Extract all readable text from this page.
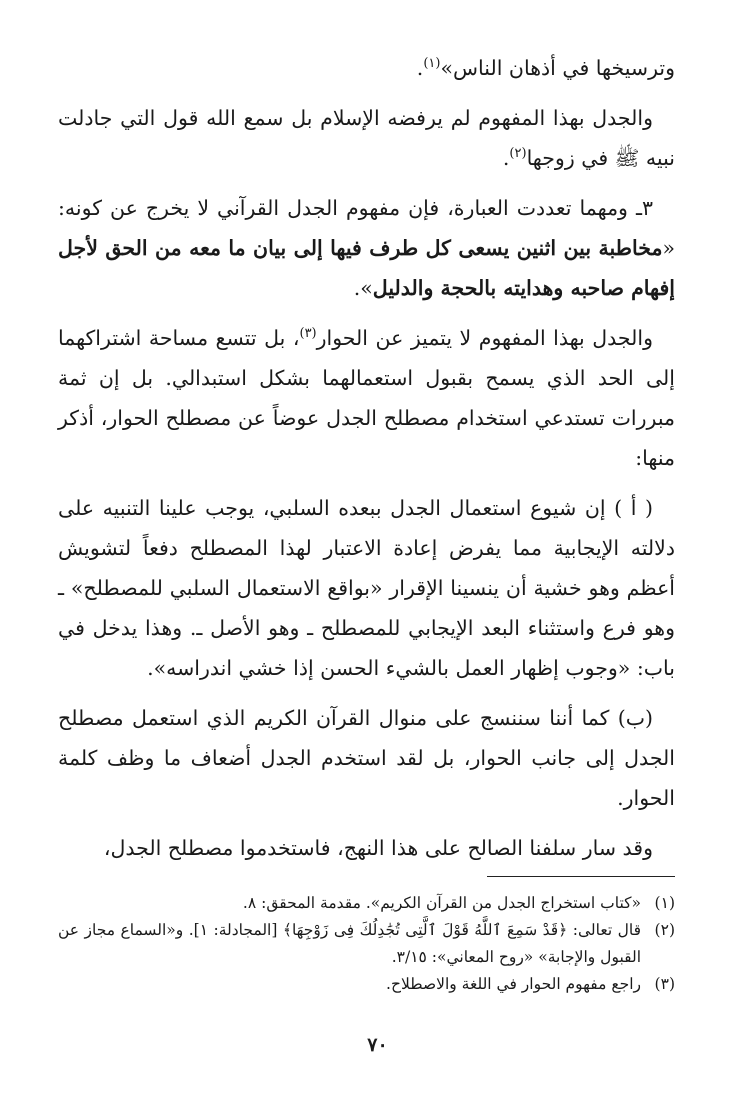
وترسيخها في أذهان الناس»$^{(١)}$.

والجدل بهذا المفهوم لم يرفضه الإسلام بل سمع الله قول التي جادلت نبيه ﷺ في زوجها$^{(٢)}$.

٣ـ ومهما تعددت العبارة، فإن مفهوم الجدل القرآني لا يخرج عن كونه: «مخاطبة بين اثنين يسعى كل طرف فيها إلى بيان ما معه من الحق لأجل إفهام صاحبه وهدايته بالحجة والدليل».

والجدل بهذا المفهوم لا يتميز عن الحوار$^{(٣)}$، بل تتسع مساحة اشتراكهما إلى الحد الذي يسمح بقبول استعمالهما بشكل استبدالي. بل إن ثمة مبررات تستدعي استخدام مصطلح الجدل عوضاً عن مصطلح الحوار، أذكر منها:

( أ ) إن شيوع استعمال الجدل ببعده السلبي، يوجب علينا التنبيه على دلالته الإيجابية مما يفرض إعادة الاعتبار لهذا المصطلح دفعاً لتشويش أعظم وهو خشية أن ينسينا الإقرار «بواقع الاستعمال السلبي للمصطلح» ـ وهو فرع واستثناء البعد الإيجابي للمصطلح ـ وهو الأصل ـ. وهذا يدخل في باب: «وجوب إظهار العمل بالشيء الحسن إذا خشي اندراسه».

(ب) كما أننا سننسج على منوال القرآن الكريم الذي استعمل مصطلح الجدل إلى جانب الحوار، بل لقد استخدم الجدل أضعاف ما وظف كلمة الحوار.

وقد سار سلفنا الصالح على هذا النهج، فاستخدموا مصطلح الجدل،

(١)
«كتاب استخراج الجدل من القرآن الكريم». مقدمة المحقق: ٨.
(٢)
قال تعالى: ﴿قَدْ سَمِعَ ٱللَّهُ قَوْلَ ٱلَّتِى تُجَٰدِلُكَ فِى زَوْجِهَا﴾ [المجادلة: ١]. و«السماع مجاز عن القبول والإجابة» «روح المعاني»: ٣/١٥.
(٣)
راجع مفهوم الحوار في اللغة والاصطلاح.
٧٠
